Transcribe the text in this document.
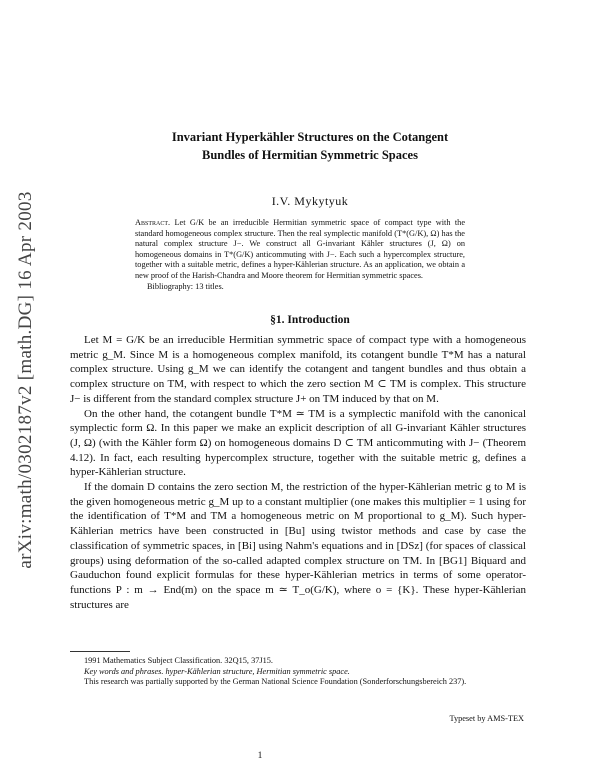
arXiv:math/0302187v2 [math.DG] 16 Apr 2003
Invariant Hyperkähler Structures on the Cotangent
Bundles of Hermitian Symmetric Spaces
I.V. Mykytyuk
Abstract. Let G/K be an irreducible Hermitian symmetric space of compact type with the standard homogeneous complex structure. Then the real symplectic manifold (T*(G/K), Ω) has the natural complex structure J−. We construct all G-invariant Kähler structures (J, Ω) on homogeneous domains in T*(G/K) anticommuting with J−. Each such a hypercomplex structure, together with a suitable metric, defines a hyper-Kählerian structure. As an application, we obtain a new proof of the Harish-Chandra and Moore theorem for Hermitian symmetric spaces.
Bibliography: 13 titles.
§1. Introduction

Let M = G/K be an irreducible Hermitian symmetric space of compact type with a homogeneous metric g_M. Since M is a homogeneous complex manifold, its cotangent bundle T*M has a natural complex structure. Using g_M we can identify the cotangent and tangent bundles and thus obtain a complex structure on TM, with respect to which the zero section M ⊂ TM is complex. This structure J− is different from the standard complex structure J+ on TM induced by that on M.

On the other hand, the cotangent bundle T*M ≃ TM is a symplectic manifold with the canonical symplectic form Ω. In this paper we make an explicit description of all G-invariant Kähler structures (J, Ω) (with the Kähler form Ω) on homogeneous domains D ⊂ TM anticommuting with J− (Theorem 4.12). In fact, each resulting hypercomplex structure, together with the suitable metric g, defines a hyper-Kählerian structure.

If the domain D contains the zero section M, the restriction of the hyper-Kählerian metric g to M is the given homogeneous metric g_M up to a constant multiplier (one makes this multiplier = 1 using for the identification of T*M and TM a homogeneous metric on M proportional to g_M). Such hyper-Kählerian metrics have been constructed in [Bu] using twistor methods and case by case the classification of symmetric spaces, in [Bi] using Nahm's equations and in [DSz] (for spaces of classical groups) using deformation of the so-called adapted complex structure on TM. In [BG1] Biquard and Gauduchon found explicit formulas for these hyper-Kählerian metrics in terms of some operator-functions P : m → End(m) on the space m ≃ T_o(G/K), where o = {K}. These hyper-Kählerian structures are

1991 Mathematics Subject Classification. 32Q15, 37J15.
Key words and phrases. hyper-Kählerian structure, Hermitian symmetric space.
This research was partially supported by the German National Science Foundation (Sonderforschungsbereich 237).
Typeset by AMS-TEX
1
